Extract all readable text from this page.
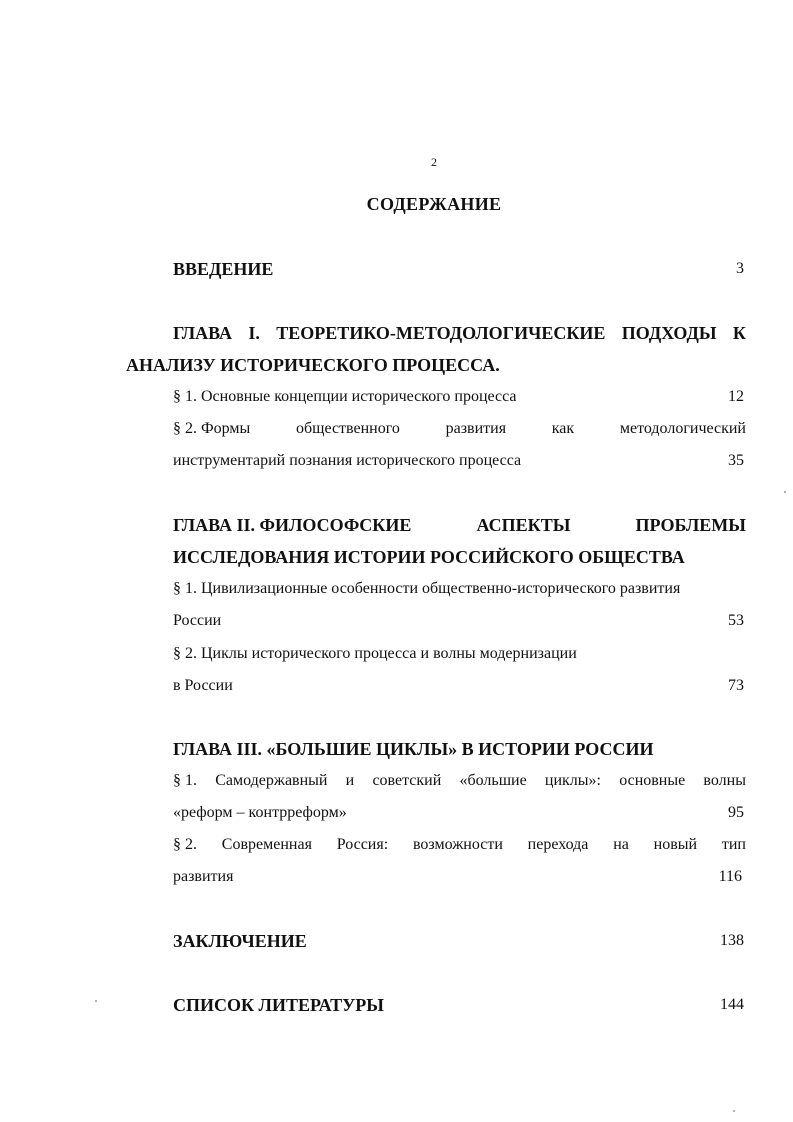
2
СОДЕРЖАНИЕ
ВВЕДЕНИЕ	3
ГЛАВА I. ТЕОРЕТИКО-МЕТОДОЛОГИЧЕСКИЕ ПОДХОДЫ К
АНАЛИЗУ ИСТОРИЧЕСКОГО ПРОЦЕССА.
§ 1. Основные концепции исторического процесса	12
§ 2. Формы	общественного	развития	как	методологический
инструментарий познания исторического процесса	35
ГЛАВА II. ФИЛОСОФСКИЕ	АСПЕКТЫ	ПРОБЛЕМЫ
ИССЛЕДОВАНИЯ ИСТОРИИ РОССИЙСКОГО ОБЩЕСТВА
§ 1. Цивилизационные особенности общественно-исторического развития
России	53
§ 2. Циклы исторического процесса и волны модернизации
в России	73
ГЛАВА III. «БОЛЬШИЕ ЦИКЛЫ» В ИСТОРИИ РОССИИ
§ 1. Самодержавный и советский «большие циклы»: основные волны
«реформ – контрреформ»	95
§ 2. Современная Россия: возможности перехода на новый тип
развития	116
ЗАКЛЮЧЕНИЕ	138
СПИСОК ЛИТЕРАТУРЫ	144
